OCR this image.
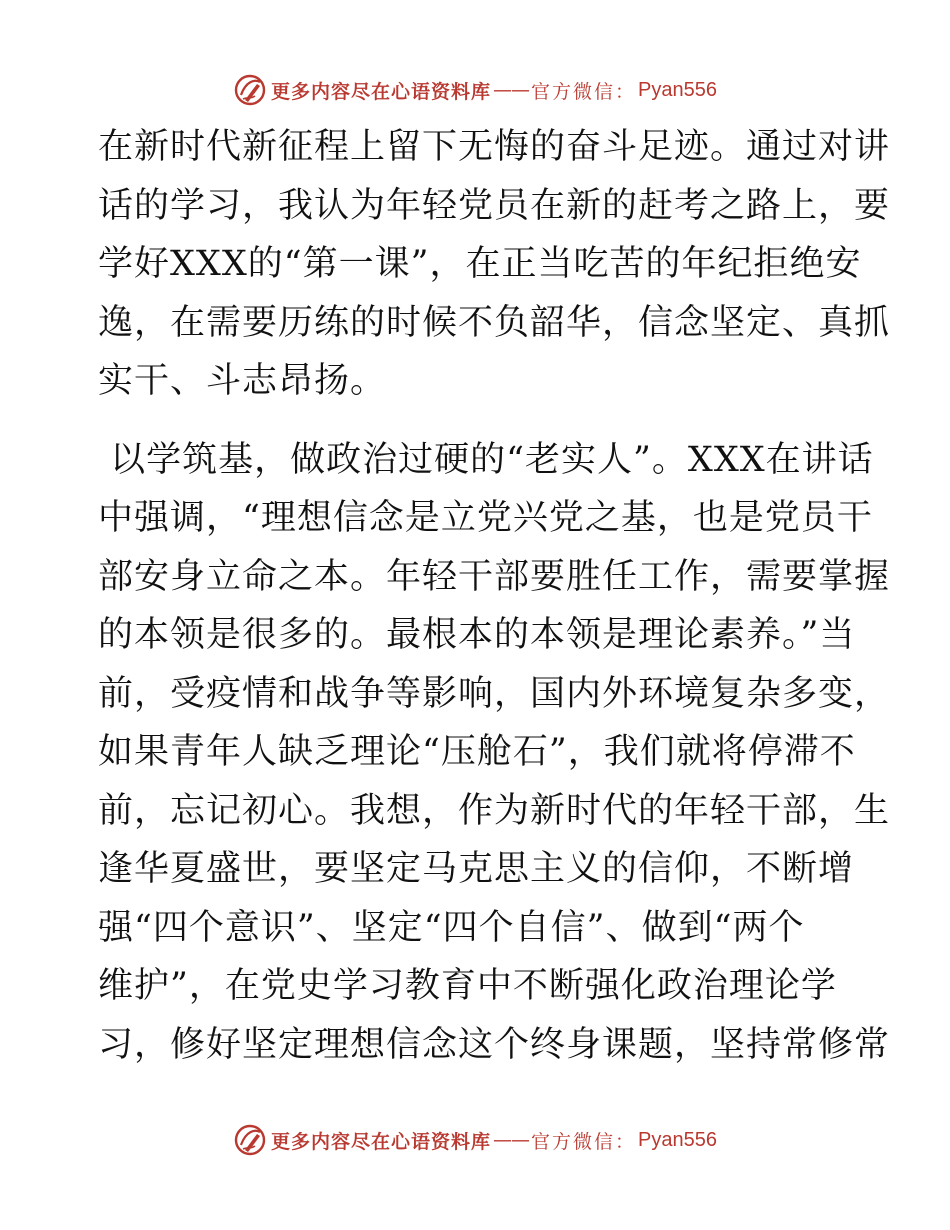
更多内容尽在心语资料库 —— 官方微信： Pyan556
在新时代新征程上留下无悔的奋斗足迹。通过对讲
话的学习，我认为年轻党员在新的赶考之路上，要
学好XXX的“第一课”，在正当吃苦的年纪拒绝安
逸，在需要历练的时候不负韶华，信念坚定、真抓
实干、斗志昂扬。
以学筑基，做政治过硬的“老实人”。XXX在讲话
中强调，“理想信念是立党兴党之基，也是党员干
部安身立命之本。年轻干部要胜任工作，需要掌握
的本领是很多的。最根本的本领是理论素养。”当
前，受疫情和战争等影响，国内外环境复杂多变，
如果青年人缺乏理论“压舱石”，我们就将停滞不
前，忘记初心。我想，作为新时代的年轻干部，生
逢华夏盛世，要坚定马克思主义的信仰，不断增
强“四个意识”、坚定“四个自信”、做到“两个
维护”，在党史学习教育中不断强化政治理论学
习，修好坚定理想信念这个终身课题，坚持常修常
更多内容尽在心语资料库 —— 官方微信： Pyan556
